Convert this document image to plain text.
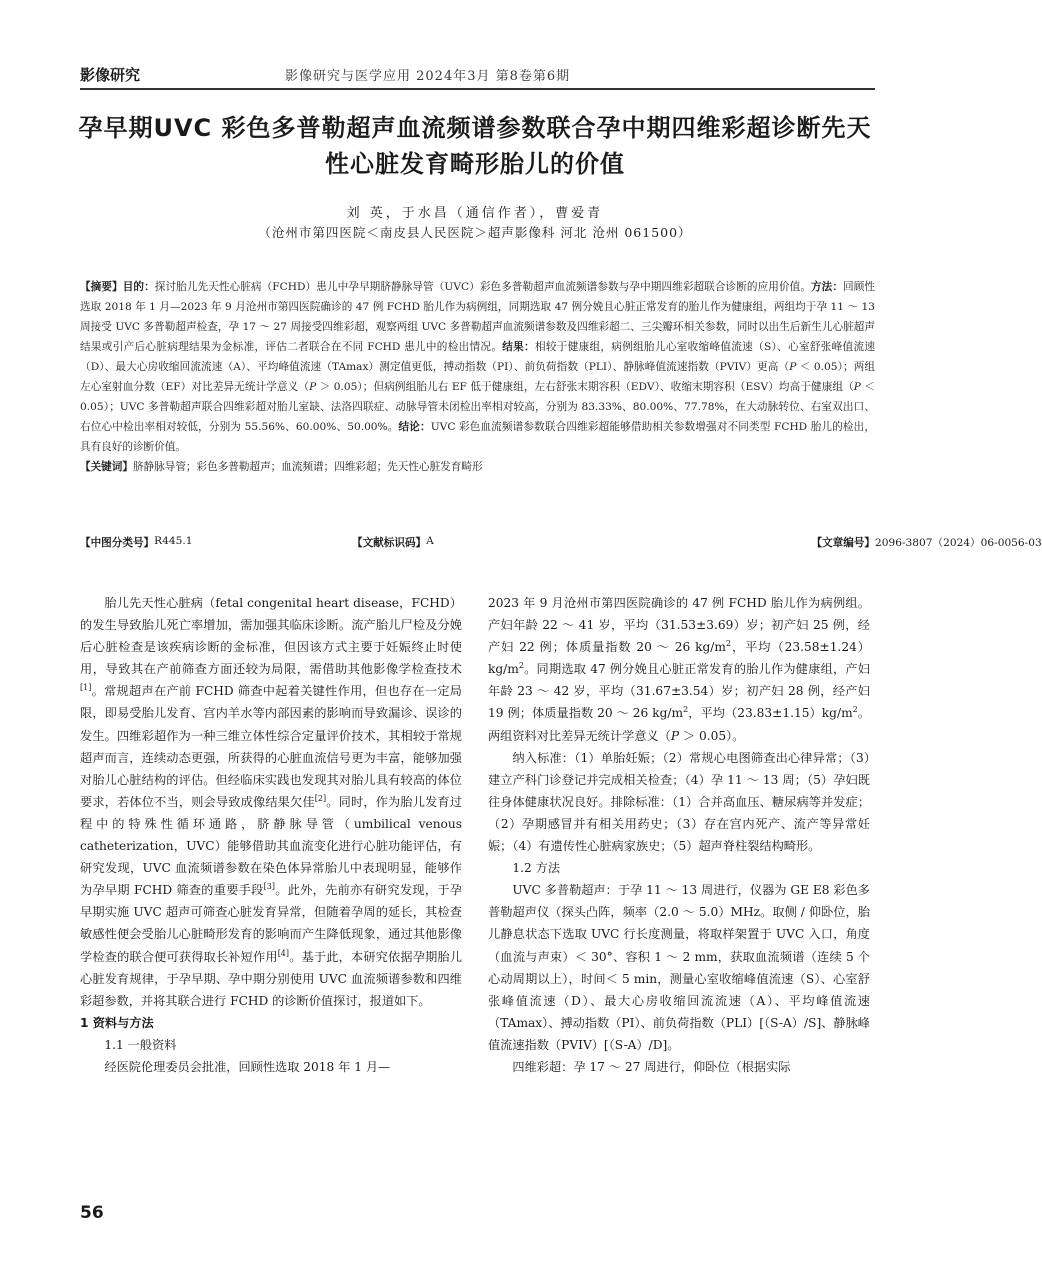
影像研究	影像研究与医学应用 2024年3月 第8卷第6期
孕早期UVC 彩色多普勒超声血流频谱参数联合孕中期四维彩超诊断先天性心脏发育畸形胎儿的价值
刘 英，于水昌（通信作者），曹爱青
（沧州市第四医院＜南皮县人民医院＞超声影像科 河北 沧州 061500）

【摘要】目的：探讨胎儿先天性心脏病（FCHD）患儿中孕早期脐静脉导管（UVC）彩色多普勒超声血流频谱参数与孕中期四维彩超联合诊断的应用价值。方法：回顾性选取 2018 年 1 月—2023 年 9 月沧州市第四医院确诊的 47 例 FCHD 胎儿作为病例组，同期选取 47 例分娩且心脏正常发育的胎儿作为健康组，两组均于孕 11 ～ 13 周接受 UVC 多普勒超声检查，孕 17 ～ 27 周接受四维彩超，观察两组 UVC 多普勒超声血流频谱参数及四维彩超二、三尖瓣环相关参数，同时以出生后新生儿心脏超声结果或引产后心脏病理结果为金标准，评估二者联合在不同 FCHD 患儿中的检出情况。结果：相较于健康组，病例组胎儿心室收缩峰值流速（S）、心室舒张峰值流速（D）、最大心房收缩回流流速（A）、平均峰值流速（TAmax）测定值更低，搏动指数（PI）、前负荷指数（PLI）、静脉峰值流速指数（PVIV）更高（P ＜ 0.05）；两组左心室射血分数（EF）对比差异无统计学意义（P ＞ 0.05）；但病例组胎儿右 EF 低于健康组，左右舒张末期容积（EDV）、收缩末期容积（ESV）均高于健康组（P ＜ 0.05）；UVC 多普勒超声联合四维彩超对胎儿室缺、法洛四联症、动脉导管未闭检出率相对较高，分别为 83.33%、80.00%、77.78%，在大动脉转位、右室双出口、右位心中检出率相对较低，分别为 55.56%、60.00%、50.00%。结论：UVC 彩色血流频谱参数联合四维彩超能够借助相关参数增强对不同类型 FCHD 胎儿的检出，具有良好的诊断价值。

【关键词】脐静脉导管；彩色多普勒超声；血流频谱；四维彩超；先天性心脏发育畸形

【中图分类号】 R445.1	【文献标识码】 A	【文章编号】 2096-3807（2024）06-0056-03

胎儿先天性心脏病（fetal congenital heart disease，FCHD）的发生导致胎儿死亡率增加，需加强其临床诊断。流产胎儿尸检及分娩后心脏检查是该疾病诊断的金标准，但因该方式主要于妊娠终止时使用，导致其在产前筛查方面还较为局限，需借助其他影像学检查技术[1]。常规超声在产前 FCHD 筛查中起着关键性作用，但也存在一定局限，即易受胎儿发育、宫内羊水等内部因素的影响而导致漏诊、误诊的发生。四维彩超作为一种三维立体性综合定量评价技术，其相较于常规超声而言，连续动态更强，所获得的心脏血流信号更为丰富，能够加强对胎儿心脏结构的评估。但经临床实践也发现其对胎儿具有较高的体位要求，若体位不当，则会导致成像结果欠佳[2]。同时，作为胎儿发育过程中的特殊性循环通路，脐静脉导管（umbilical venous catheterization，UVC）能够借助其血流变化进行心脏功能评估，有研究发现，UVC 血流频谱参数在染色体异常胎儿中表现明显，能够作为孕早期 FCHD 筛查的重要手段[3]。此外，先前亦有研究发现，于孕早期实施 UVC 超声可筛查心脏发育异常，但随着孕周的延长，其检查敏感性便会受胎儿心脏畸形发育的影响而产生降低现象，通过其他影像学检查的联合便可获得取长补短作用[4]。基于此，本研究依据孕期胎儿心脏发育规律，于孕早期、孕中期分别使用 UVC 血流频谱参数和四维彩超参数，并将其联合进行 FCHD 的诊断价值探讨，报道如下。

1 资料与方法

1.1 一般资料

经医院伦理委员会批准，回顾性选取 2018 年 1 月—

2023 年 9 月沧州市第四医院确诊的 47 例 FCHD 胎儿作为病例组。产妇年龄 22 ～ 41 岁，平均（31.53±3.69）岁；初产妇 25 例，经产妇 22 例；体质量指数 20 ～ 26 $kg/m^2$，平均$(23.58\pm 1.24)kg/m^2$。同期选取 47 例分娩且心脏正常发育的胎儿作为健康组，产妇年龄 23 ～ 42 岁，平均（31.67±3.54）岁；初产妇 28 例，经产妇 19 例；体质量指数 20 ～ 26 $kg/m^2$，平均$(23.83\pm 1.15)kg/m^2$。两组资料对比差异无统计学意义（P ＞ 0.05）。

纳入标准：（1）单胎妊娠；（2）常规心电图筛查出心律异常；（3）建立产科门诊登记并完成相关检查；（4）孕 11 ～ 13 周；（5）孕妇既往身体健康状况良好。排除标准：（1）合并高血压、糖尿病等并发症；（2）孕期感冒并有相关用药史；（3）存在宫内死产、流产等异常妊娠；（4）有遗传性心脏病家族史；（5）超声脊柱裂结构畸形。

1.2 方法

UVC 多普勒超声：于孕 11 ～ 13 周进行，仪器为 GE E8 彩色多普勒超声仪（探头凸阵，频率（2.0 ～ 5.0）MHz。取侧 / 仰卧位，胎儿静息状态下选取 UVC 行长度测量，将取样架置于 UVC 入口，角度（血流与声束）＜ 30°、容积 1 ～ 2 mm，获取血流频谱（连续 5 个心动周期以上），时间＜ 5 min，测量心室收缩峰值流速（S）、心室舒张峰值流速（D）、最大心房收缩回流流速（A）、平均峰值流速（TAmax）、搏动指数（PI）、前负荷指数（PLI）[（S-A）/S]、静脉峰值流速指数（PVIV）[（S-A）/D]。

四维彩超：孕 17 ～ 27 周进行，仰卧位（根据实际

56
